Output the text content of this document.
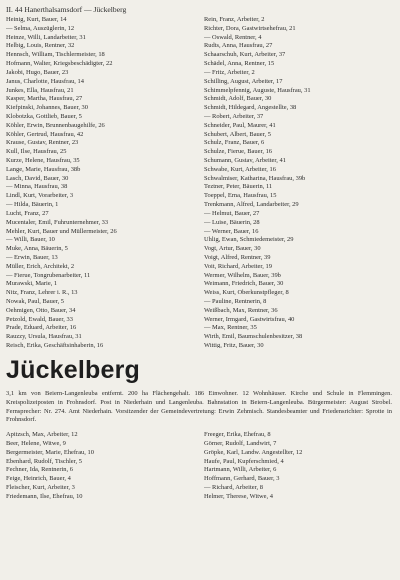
II. 44 Hanerthalsamsdorf — Jückelberg
Heinig, Kurt, Bauer, 14
— Selma, Auszüglerin, 12
Heinze, Willi, Landarbeiter, 31
Helbig, Louis, Rentner, 32
Hennsch, William, Tischlermeister, 18
Hofmann, Walter, Kriegsbeschädigter, 22
Jakobi, Hugo, Bauer, 23
Janus, Charlotte, Hausfrau, 14
Junkes, Ella, Hausfrau, 21
Kasper, Martha, Hausfrau, 27
Kiefpinski, Johannes, Bauer, 30
Klobotzka, Gottlieb, Bauer, 5
Köhler, Erwin, Brunnenbaugehilfe, 26
Köhler, Gertrud, Hausfrau, 42
Krause, Gustav, Rentner, 23
Kull, Ilse, Hausfrau, 25
Kurze, Helene, Hausfrau, 35
Lange, Marie, Hausfrau, 38b
Lasch, David, Bauer, 30
— Minna, Hausfrau, 38
Lindl, Kurt, Vorarbeiter, 3
— Hilda, Bäuerin, 1
Lucht, Franz, 27
Mucentaler, Emil, Fuhrunternehmer, 33
Mehler, Kurt, Bauer und Müllermeister, 26
— Willi, Bauer, 10
Muke, Anna, Bäuerin, 5
— Erwin, Bauer, 13
Müller, Erich, Architekt, 2
— Fierue, Tongrubenarbeiter, 11
Murawski, Marie, 1
Nitz, Franz, Lehrer i. R., 13
Nowak, Paul, Bauer, 5
Oehmigen, Otto, Bauer, 34
Petzold, Ewald, Bauer, 33
Prade, Eduard, Arbeiter, 16
Rauzzy, Ursula, Hausfrau, 31
Reisch, Erika, Geschäftsinhaberin, 16
Rein, Franz, Arbeiter, 2
Richter, Dora, Gastwirtsehefrau, 21
— Oswald, Rentner, 4
Rudts, Anna, Hausfrau, 27
Schaarschuh, Kurt, Arbeiter, 37
Schädel, Anna, Rentner, 15
— Fritz, Arbeiter, 2
Schilling, August, Arbeiter, 17
Schimmelpfennig, Auguste, Hausfrau, 31
Schmidt, Adolf, Bauer, 30
Schmidt, Hildegard, Angestellte, 38
— Robert, Arbeiter, 37
Schneider, Paul, Maurer, 41
Schubert, Albert, Bauer, 5
Schulz, Franz, Bauer, 6
Schulze, Fierue, Bauer, 16
Schumann, Gustav, Arbeiter, 41
Schwabe, Kurt, Arbeiter, 16
Schwalmiser, Katharina, Hausfrau, 39b
Teztner, Peter, Bäuerin, 11
Toeppel, Erna, Hausfrau, 15
Trenkmann, Alfred, Landarbeiter, 29
— Helmut, Bauer, 27
— Luise, Bäuerin, 28
— Werner, Bauer, 16
Uhlig, Ewan, Schmiedemeister, 29
Vogt, Artur, Bauer, 30
Voigt, Alfred, Rentner, 39
Voit, Richard, Arbeiter, 19
Wermer, Wilhelm, Bauer, 39b
Weimann, Friedrich, Bauer, 30
Weiss, Kurt, Oberkunstpfleger, 8
— Pauline, Rentnerin, 8
Weißbach, Max, Rentner, 36
Werner, Irmgard, Gastwirtsfrau, 40
— Max, Rentner, 35
Wirth, Emil, Baumschulenbesitzer, 38
Wittig, Fritz, Bauer, 30
Jückelberg
3,1 km von Beiern-Langenleuba entfernt. 200 ha Flächengehalt. 186 Einwohner. 12 Wohnhäuser. Kirche und Schule in Flemmingen. Kreispolizeiposten in Frohnsdorf. Post in Niederhain und Langenleuba. Bahnstation in Beiern-Langenleuba. Bürgermeister: August Strobel. Fernsprecher: Nr. 274. Amt Niederhain. Vorsitzender der Gemeindevertretung: Erwin Zehmisch. Standesbeamter und Friedensrichter: Sprotte in Frohnsdorf.
Apitzsch, Max, Arbeiter, 12
Beer, Helene, Witwe, 9
Bergermeister, Marie, Ehefrau, 10
Ebenhard, Rudolf, Tischler, 5
Fechner, Ida, Rentnerin, 6
Feige, Heinrich, Bauer, 4
Fleischer, Kurt, Arbeiter, 3
Friedemann, Ilse, Ehefrau, 10
Freeger, Erika, Ehefrau, 8
Görner, Rudolf, Landwirt, 7
Gröpke, Karl, Landw. Angestellter, 12
Haufe, Paul, Kupferschmied, 4
Hartmann, Willi, Arbeiter, 6
Hoffmann, Gerhard, Bauer, 3
— Richard, Arbeiter, 8
Helmer, Therese, Witwe, 4
